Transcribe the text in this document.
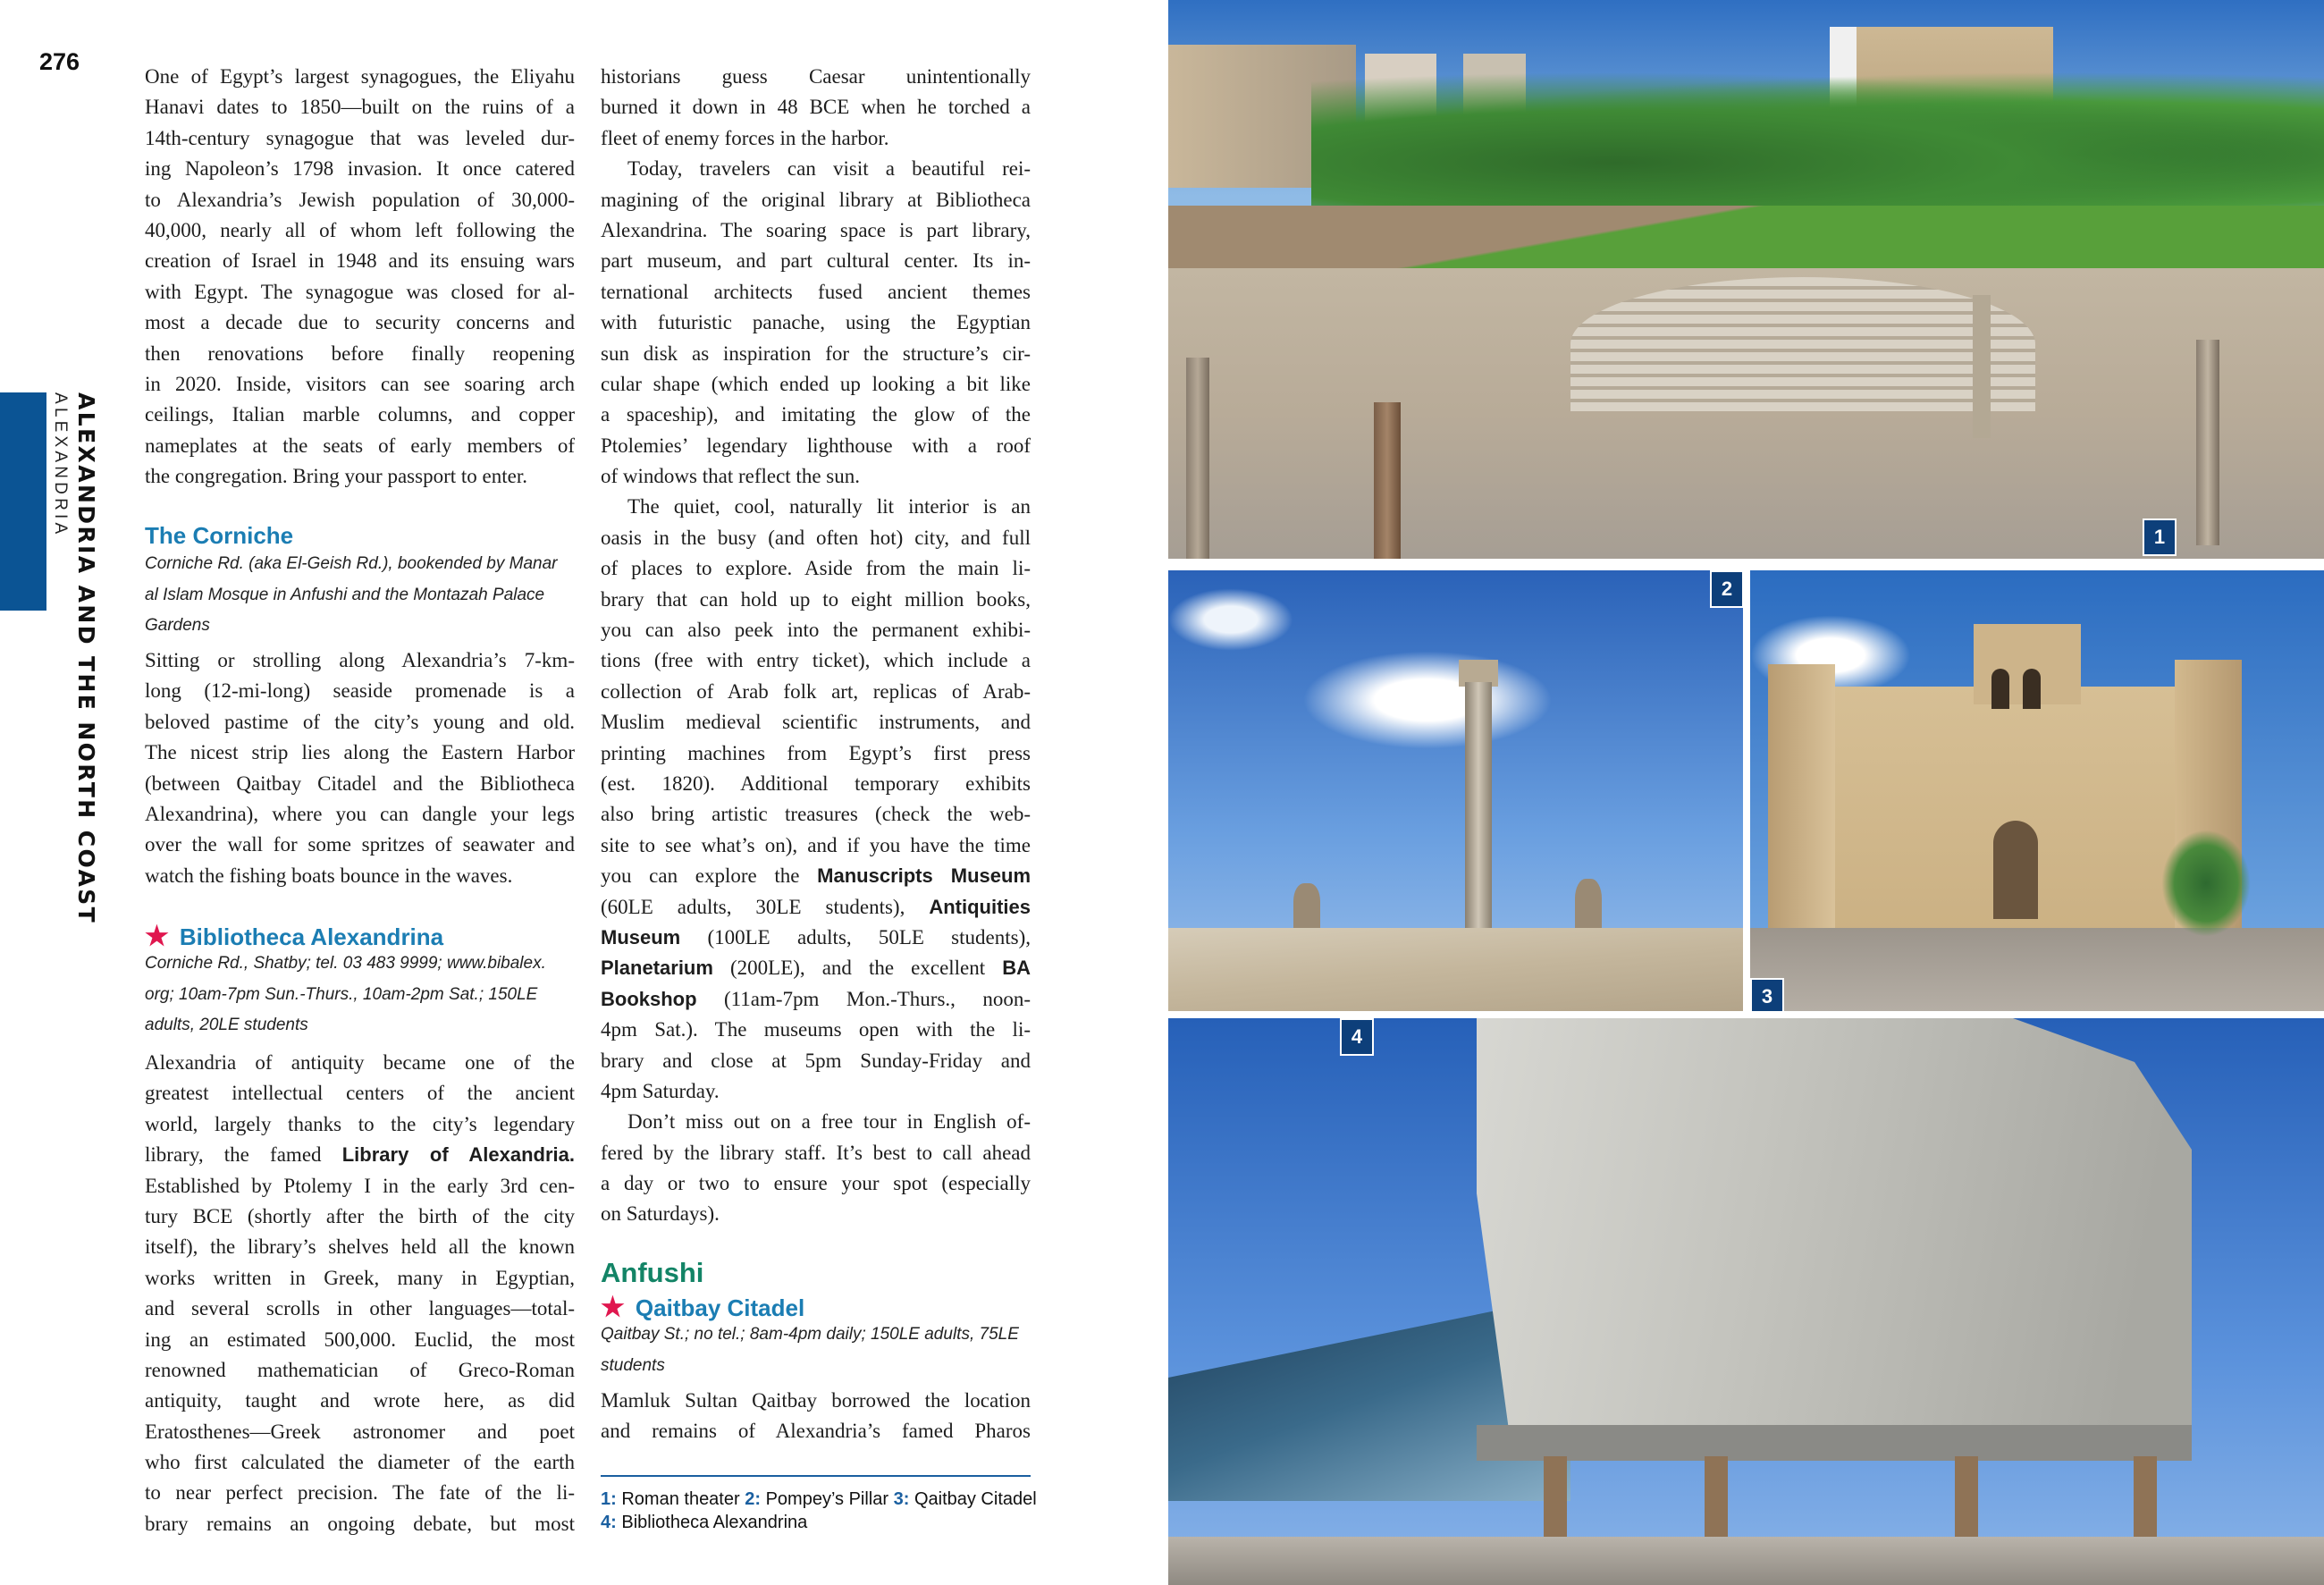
276
ALEXANDRIA AND THE NORTH COAST
ALEXANDRIA
One of Egypt’s largest synagogues, the Eliyahu
Hanavi dates to 1850—built on the ruins of a
14th-century synagogue that was leveled dur-
ing Napoleon’s 1798 invasion. It once catered
to Alexandria’s Jewish population of 30,000-
40,000, nearly all of whom left following the
creation of Israel in 1948 and its ensuing wars
with Egypt. The synagogue was closed for al-
most a decade due to security concerns and
then renovations before finally reopening
in 2020. Inside, visitors can see soaring arch
ceilings, Italian marble columns, and copper
nameplates at the seats of early members of
the congregation. Bring your passport to enter.
The Corniche
Corniche Rd. (aka El-Geish Rd.), bookended by Manar
al Islam Mosque in Anfushi and the Montazah Palace
Gardens
Sitting or strolling along Alexandria’s 7-km-
long (12-mi-long) seaside promenade is a
beloved pastime of the city’s young and old.
The nicest strip lies along the Eastern Harbor
(between Qaitbay Citadel and the Bibliotheca
Alexandrina), where you can dangle your legs
over the wall for some spritzes of seawater and
watch the fishing boats bounce in the waves.
★ Bibliotheca Alexandrina
Corniche Rd., Shatby; tel. 03 483 9999; www.bibalex.
org; 10am-7pm Sun.-Thurs., 10am-2pm Sat.; 150LE
adults, 20LE students
Alexandria of antiquity became one of the
greatest intellectual centers of the ancient
world, largely thanks to the city’s legendary
library, the famed Library of Alexandria.
Established by Ptolemy I in the early 3rd cen-
tury BCE (shortly after the birth of the city
itself), the library’s shelves held all the known
works written in Greek, many in Egyptian,
and several scrolls in other languages—total-
ing an estimated 500,000. Euclid, the most
renowned mathematician of Greco-Roman
antiquity, taught and wrote here, as did
Eratosthenes—Greek astronomer and poet
who first calculated the diameter of the earth
to near perfect precision. The fate of the li-
brary remains an ongoing debate, but most
historians guess Caesar unintentionally
burned it down in 48 BCE when he torched a
fleet of enemy forces in the harbor.
Today, travelers can visit a beautiful rei-
magining of the original library at Bibliotheca
Alexandrina. The soaring space is part library,
part museum, and part cultural center. Its in-
ternational architects fused ancient themes
with futuristic panache, using the Egyptian
sun disk as inspiration for the structure’s cir-
cular shape (which ended up looking a bit like
a spaceship), and imitating the glow of the
Ptolemies’ legendary lighthouse with a roof
of windows that reflect the sun.
The quiet, cool, naturally lit interior is an
oasis in the busy (and often hot) city, and full
of places to explore. Aside from the main li-
brary that can hold up to eight million books,
you can also peek into the permanent exhibi-
tions (free with entry ticket), which include a
collection of Arab folk art, replicas of Arab-
Muslim medieval scientific instruments, and
printing machines from Egypt’s first press
(est. 1820). Additional temporary exhibits
also bring artistic treasures (check the web-
site to see what’s on), and if you have the time
you can explore the Manuscripts Museum
(60LE adults, 30LE students), Antiquities
Museum (100LE adults, 50LE students),
Planetarium (200LE), and the excellent BA
Bookshop (11am-7pm Mon.-Thurs., noon-
4pm Sat.). The museums open with the li-
brary and close at 5pm Sunday-Friday and
4pm Saturday.
Don’t miss out on a free tour in English of-
fered by the library staff. It’s best to call ahead
a day or two to ensure your spot (especially
on Saturdays).
Anfushi
★ Qaitbay Citadel
Qaitbay St.; no tel.; 8am-4pm daily; 150LE adults, 75LE
students
Mamluk Sultan Qaitbay borrowed the location
and remains of Alexandria’s famed Pharos
1: Roman theater 2: Pompey’s Pillar 3: Qaitbay Citadel 4: Bibliotheca Alexandrina
1
2
3
4
